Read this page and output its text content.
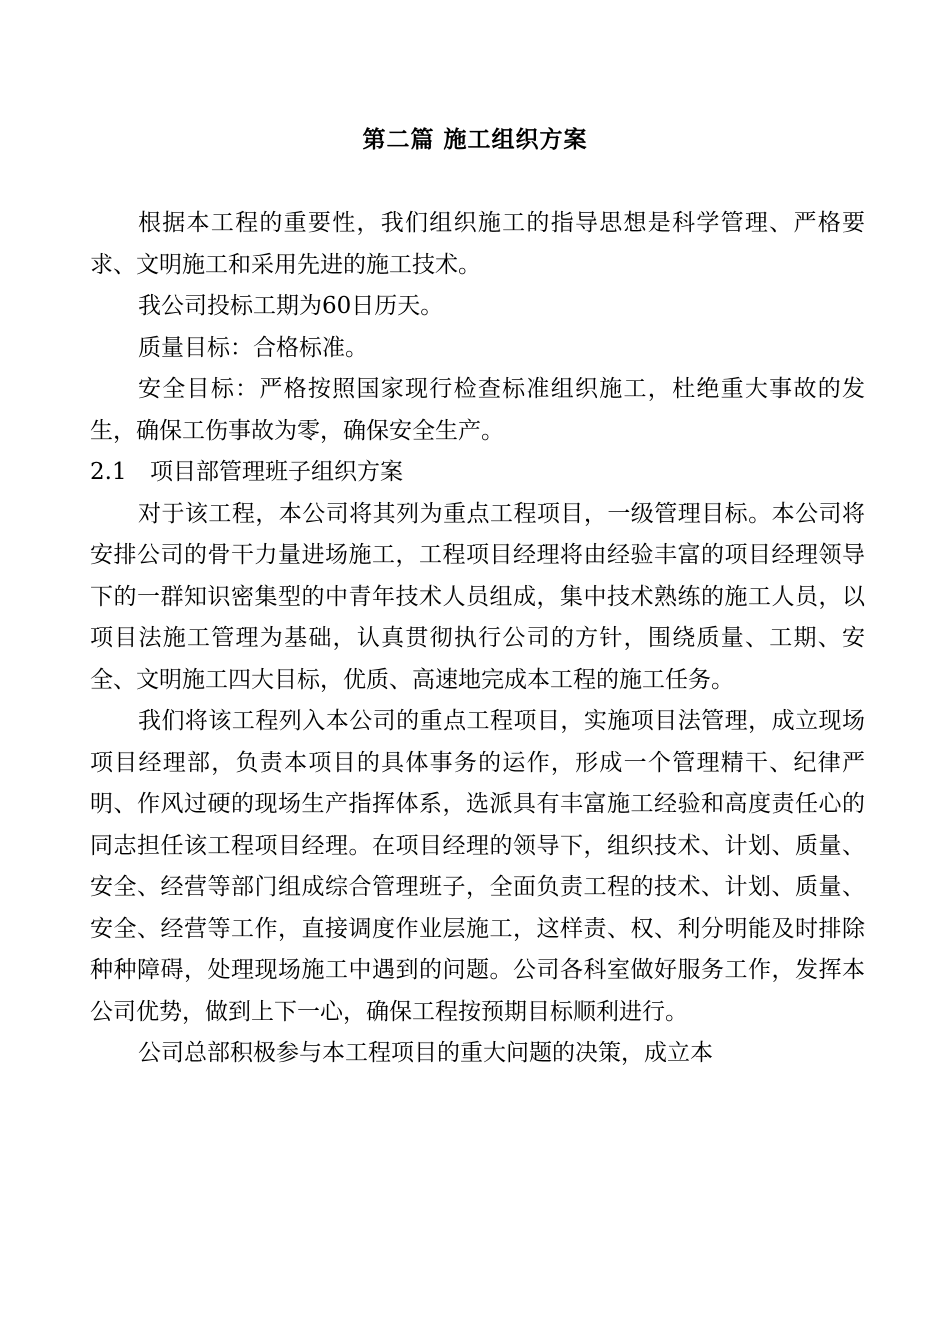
第二篇 施工组织方案

根据本工程的重要性，我们组织施工的指导思想是科学管理、严格要求、文明施工和采用先进的施工技术。

我公司投标工期为60日历天。

质量目标：合格标准。

安全目标：严格按照国家现行检查标准组织施工，杜绝重大事故的发生，确保工伤事故为零，确保安全生产。

2.1 项目部管理班子组织方案

对于该工程，本公司将其列为重点工程项目，一级管理目标。本公司将安排公司的骨干力量进场施工，工程项目经理将由经验丰富的项目经理领导下的一群知识密集型的中青年技术人员组成，集中技术熟练的施工人员，以项目法施工管理为基础，认真贯彻执行公司的方针，围绕质量、工期、安全、文明施工四大目标，优质、高速地完成本工程的施工任务。

我们将该工程列入本公司的重点工程项目，实施项目法管理，成立现场项目经理部，负责本项目的具体事务的运作，形成一个管理精干、纪律严明、作风过硬的现场生产指挥体系，选派具有丰富施工经验和高度责任心的同志担任该工程项目经理。在项目经理的领导下，组织技术、计划、质量、安全、经营等部门组成综合管理班子，全面负责工程的技术、计划、质量、安全、经营等工作，直接调度作业层施工，这样责、权、利分明能及时排除种种障碍，处理现场施工中遇到的问题。公司各科室做好服务工作，发挥本公司优势，做到上下一心，确保工程按预期目标顺利进行。

公司总部积极参与本工程项目的重大问题的决策，成立本
